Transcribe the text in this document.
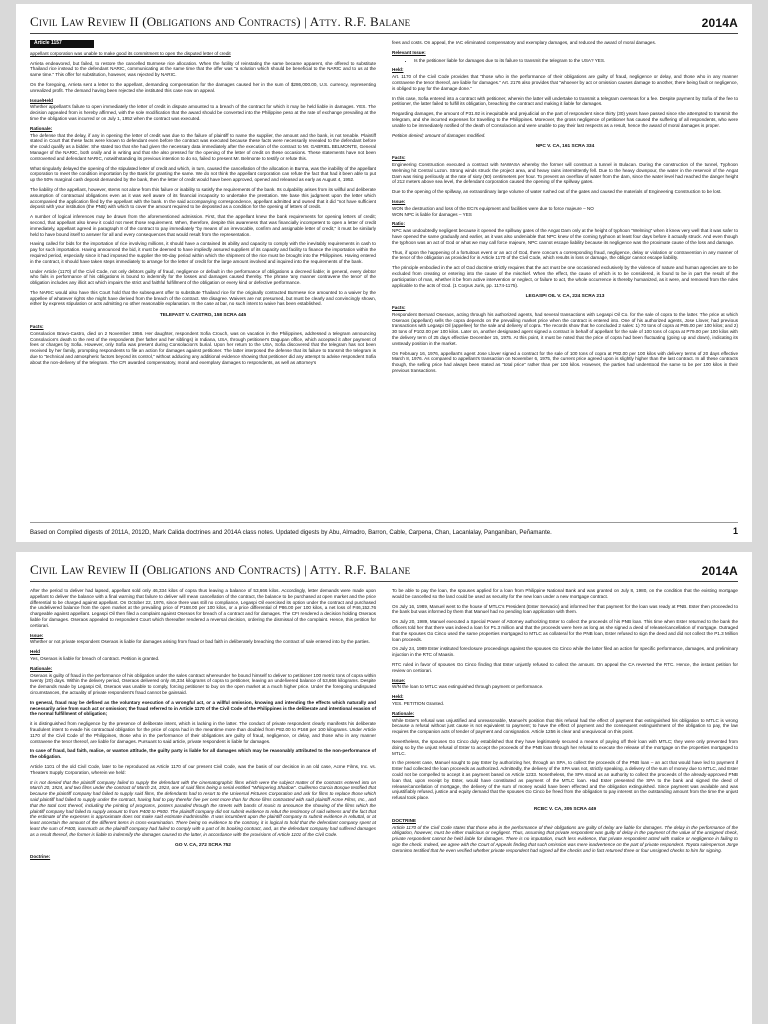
Civil Law Review II (Obligations and Contracts) | Atty. R.F. Balane	2014A
Article 1157

appellant corporation was unable to make good its commitment to open the disputed letter of credit

Arrieta endeavored, but failed, to restore the cancelled Burmese rice allocation. When the futility of reinstating the same became apparent, she offered to substitute Thailand rice instead to the defendant NARIC, communicating at the same time that the offer was "a solution which should be beneficial to the NARIC and to us at the same time." This offer for substitution, however, was rejected by NARIC.

On the foregoing, Arrieta sent a letter to the appellant, demanding compensation for the damages caused her in the sum of $286,000.00, U.S. currency, representing unrealized profit. The demand having been rejected she instituted this case now on appeal.

Issue/Held

Whether appellant's failure to open immediately the letter of credit in dispute amounted to a breach of the contract for which it may be held liable in damages. YES. The decision appealed from is hereby affirmed, with the sole modification that the award should be converted into the Philippine peso at the rate of exchange prevailing at the time the obligation was incurred or on July 1, 1952 when the contract was executed.

Rationale:

The defense that the delay, if any in opening the letter of credit was due to the failure of plaintiff to name the supplier, the amount and the bank, is not tenable. Plaintiff stated in Court that these facts were known to defendant even before the contract was executed because these facts were necessarily revealed to the defendant before she could qualify as a bidder. She stated too that she had given the necessary data immediately after the execution of the contract to Mr. GABRIEL BELMONTE, General Manager of the NARIC, both orally and in writing and that she also pressed for the opening of the letter of credit on these occasions. These statements have not been controverted and defendant NARIC, notwithstanding its previous intention to do so, failed to present Mr. Belmonte to testify or refute this.

What singularly delayed the opening of the stipulated letter of credit and which, in turn, caused the cancellation of the allocation in Burma, was the inability of the appellant corporation to meet the condition importation by the Bank for granting the same. We do not think the appellant corporation can refute the fact that had it been able to put up the 50% marginal cash deposit demanded by the bank, then the letter of credit would have been approved, opened and released as early as August 4, 1952.

The liability of the appellant, however, stems not alone from this failure or inability to satisfy the requirements of the bank. Its culpability arises from its willful and deliberate assumption of contractual obligations even as it was well aware of its financial incapacity to undertake the prestation. We base this judgment upon the letter which accompanied the application filed by the appellant with the bank. In the said accompanying correspondence, appellant admitted and owned that it did "not have sufficient deposit with your institution (the PNB) with which to cover the amount required to be deposited as a condition for the opening of letters of credit.

A number of logical inferences may be drawn from the aforementioned admission. First, that the appellant knew the bank requirements for opening letters of credit; second, that appellant also knew it could not meet those requirement. When, therefore, despite this awareness that was financially incompetent to open a letter of credit immediately, appellant agreed in paragraph 8 of the contract to pay immediately "by means of an irrevocable, confirm and assignable letter of credit," it must be similarly held to have bound itself to answer for all and every consequences that would result from the representation.

Having called for bids for the importation of rice involving millions, it should have a contained its ability and capacity to comply with the inevitably requirements in cash to pay for such importation. Having announced the bid, it must be deemed to have impliedly assured suppliers of its capacity and facility to finance the importation within the required period, especially since it had imposed the supplier the 90-day period within which the shipment of the rice must be brought into the Philippines. Having entered in the contract, it should have taken steps immediately to arrange for the letter of credit for the large amount involved and inquired into the requirements of the bank.

Under Article (1170) of the Civil Code, not only debtors guilty of fraud, negligence or default in the performance of obligations a decreed liable; in general, every debtor who fails in performance of his obligations is bound to indemnify for the losses and damages caused thereby. The phrase 'any manner contravene the tenor' of the obligation includes any illicit act which impairs the strict and faithful fulfillment of the obligation or every kind or defective performance.

The NARIC would also have this Court hold that the subsequent offer to substitute Thailand rice for the originally contracted Burmese rice amounted to a waiver by the appellee of whatever rights she might have derived from the breach of the contract. We disagree. Waivers are not presumed, but must be clearly and convincingly shown, either by express stipulation or acts admitting no other reasonable explanation. In the case at bar, no such intent to waive has been established.

TELEFAST V. CASTRO, 158 SCRA 445
Facts:

Consolacion Bravo-Castro, died on 2 November 1956. Her daughter, respondent Sofia Crouch, was on vacation in the Philippines, addressed a telegram announcing Consolacion's death to the rest of the respondents (her father and her siblings) in Indiana, USA, through petitioner's Dagupan office, which accepted it after payment of fees or charges by Sofia. However, only Sofia was present during Consolacion's burial. Upon her return to the USA, Sofia discovered that the telegram has not been received by her family, prompting respondents to file an action for damages against petitioner. The latter interposed the defense that its failure to transmit the telegram is due to "technical and atmospheric factors beyond its control," without adducing any additional evidence showing that petitioner did any attempt to advise respondent Sofia about the non-delivery of the telegram. The CFI awarded compensatory, moral and exemplary damages to respondents, as well as attorney's

fees and costs. On appeal, the IAC eliminated compensatory and exemplary damages, and reduced the award of moral damages.

Relevant Issue:
• Is the petitioner liable for damages due to its failure to transmit the telegram to the USA? YES.
Held:

Art. 1170 of the Civil Code provides that "those who in the performance of their obligations are guilty of fraud, negligence or delay, and those who in any manner contravene the tenor thereof, are liable for damages." Art. 2176 also provides that "whoever by act or omission causes damage to another, there being fault or negligence, is obliged to pay for the damage done."

In this case, Sofia entered into a contract with petitioner, wherein the latter will undertake to transmit a telegram overseas for a fee. Despite payment by Sofia of the fee to petitioner, the latter failed to fulfill its obligation, breaching the contract and making it liable for damages.

Regarding damages, the amount of P31.92 is inequitable and prejudicial on the part of respondent since thirty (30) years have passed since she attempted to transmit the telegram, and she incurred expenses for travelling to the Philippines. Moreover, the gross negligence of petitioner has caused the suffering of all respondents, who were unable to be immediately notified of the death of Consolacion and were unable to pay their last respects as a result, hence the award of moral damages is proper.

Petition denied; amount of damages modified.

NPC V. CA, 161 SCRA 334
Facts:

Engineering Construction executed a contract with NAWASA whereby the former will construct a tunnel in Bulacan. During the construction of the tunnel, Typhoon Welming hit Central Luzon. Strong winds struck the project area, and heavy rains intermittently fell. Due to the heavy downpour, the water in the reservoir of the Angat Dam was rising perilously at the rate of sixty (60) centimeters per hour. To prevent an overflow of water from the dam, since the water level had reached the danger height of 212 meters above sea level, the defendant corporation caused the opening of the spillway gates.

Due to the opening of the spillway, an extraordinary large volume of water rushed out of the gates and caused the materials of Engineering Construction to be lost.

Issue:

WON the destruction and loss of the ECI's equipment and facilities were due to force majeure – NO
WON NPC is liable for damages – YES

Ratio:

NPC was undoubtedly negligent because it opened the spillway gates of the Angat Dam only at the height of typhoon "Welming" when it knew very well that it was safer to have opened the same gradually and earlier, as it was also undeniable that NPC knew of the coming typhoon at least four days before it actually struck. And even though the typhoon was an act of God or what we may call force majeure, NPC cannot escape liability because its negligence was the proximate cause of the loss and damage.

Thus, if upon the happening of a fortuitous event or an act of God, there concurs a corresponding fraud, negligence, delay or violation or contravention in any manner of the tenor of the obligation as provided for in Article 1170 of the Civil Code, which results in loss or damage, the obligor cannot escape liability.

The principle embodied in the act of God doctrine strictly requires that the act must be one occasioned exclusively by the violence of nature and human agencies are to be excluded from creating or entering into the cause of the mischief. When the effect, the cause of which is to be considered, is found to be in part the result of the participation of man, whether it be from active intervention or neglect, or failure to act, the whole occurrence is thereby humanized, as it were, and removed from the rules applicable to the acts of God. (1 Corpus Juris, pp. 1174-1175).

LEGASPI OIL V. CA, 224 SCRA 213
Facts:

Respondent Bernard Oseraos, acting through his authorized agents, had several transactions with Legaspi Oil Co. for the sale of copra to the latter. The price at which Oseraos (appellant) sells the copra depends on the prevailing market price when the contract is entered into. One of his authorized agents, Jose Llover, had previous transactions with Legaspi Oil (appellee) for the sale and delivery of copra. The records show that he concluded 2 sales: 1) 70 tons of copra at P65.00 per 100 kilos; and 2) 30 tons of P102.00 per 100 kilos. Later on, another designated agent signed a contract in behalf of appellant for the sale of 100 tons of copra at P79.00 per 100 kilos with the delivery term of 25 days effective December 15, 1975. At this point, it must be noted that the price of copra had been fluctuating (going up and down), indicating its unsteady position in the market.

On February 16, 1976, appellant's agent Jose Llover signed a contract for the sale of 100 tons of copra at P82.00 per 100 kilos with delivery terms of 20 days effective March 8, 1976. As compared to appellant's transaction on November 6, 1975, the current price agreed upon is slightly higher than the last contract. In all these contracts though, the selling price had always been stated as "total price" rather than per 100 kilos. However, the parties had understood the same to be per 100 kilos in their previous transactions.

Based on Compiled digests of 2011A, 2012D, Mark Calida doctrines and 2014A class notes. Updated digests by Abu, Almadro, Barron, Cable, Carpena, Chan, Lacanlalay, Panganiban, Peñamante.	1
Civil Law Review II (Obligations and Contracts) | Atty. R.F. Balane	2014A

After the period to deliver had lapsed, appellant sold only 46,334 kilos of copra thus leaving a balance of 53,666 kilos. Accordingly, letter demands were made upon appellant to deliver the balance with a final warning that failure to deliver will mean cancellation of the contract, the balance to be purchased at open market and the price differential to be charged against appellant. On October 22, 1976, since there was still no compliance, Legaspi Oil exercised its option under the contract and purchased the undelivered balance from the open market at the prevailing price of P168.00 per 100 kilos, or a price differential of P86.00 per 100 kilos, a net loss of P46,152.76 chargeable against appellant. Legaspi Oil then filed a complaint against Oseraos for breach of a contract and for damages. The CFI rendered a decision holding Oseraos liable for damages. Oseraos appealed to respondent Court which thereafter rendered a reversal decision, ordering the dismissal of the complaint. Hence, this petition for certiorari.

Issue:

Whether or not private respondent Oseraos is liable for damages arising from fraud or bad faith in deliberately breaching the contract of sale entered into by the parties.

Held

Yes, Oseraos is liable for breach of contract. Petition is granted.

Rationale:

Oseraos is guilty of fraud in the performance of his obligation under the sales contract whereunder he bound himself to deliver to petitioner 100 metric tons of copra within twenty (20) days. Within the delivery period, Oseraos delivered only 46,334 kilograms of copra to petitioner, leaving an undelivered balance of 53,666 kilograms. Despite the demands made by Legaspi Oil, Oseraos was unable to comply, forcing petitioner to buy on the open market at a much higher price. Under the foregoing undisputed circumstances, the actuality of private respondent's fraud cannot be gainsaid.

In general, fraud may be defined as the voluntary execution of a wrongful act, or a willful omission, knowing and intending the effects which naturally and necessarily arise from such act or omission; the fraud referred to in Article 1170 of the Civil Code of the Philippines is the deliberate and intentional evasion of the normal fulfillment of obligation;

it is distinguished from negligence by the presence of deliberate intent, which is lacking in the latter. The conduct of private respondent clearly manifests his deliberate fraudulent intent to evade his contractual obligation for the price of copra had in the meantime more than doubled from P82.00 to P168 per 100 kilograms. Under Article 1170 of the Civil Code of the Philippines, those who in the performance of their obligations are guilty of fraud, negligence, or delay, and those who in any manner contravene the tenor thereof, are liable for damages. Pursuant to said article, private respondent is liable for damages.

In case of fraud, bad faith, malice, or wanton attitude, the guilty party is liable for all damages which may be reasonably attributed to the non-performance of the obligation.

Article 1101 of the old Civil Code, later to be reproduced as Article 1170 of our present Civil Code, was the basis of our decision in an old case, Acme Films, Inc. vs. Theaters Supply Corporation, wherein we held:

It is not denied that the plaintiff company failed to supply the defendant with the cinematographic films which were the subject matter of the contracts entered into on March 20, 1924, and two films under the contract of March 24, 1924, one of said films being a serial entitled "Whispering Shadow". Guillermo Garcia Bosque testified that because the plaintiff company had failed to supply said films, the defendants had to resort to the Universal Pictures Corporation and ask for films to replace those which said plaintiff had failed to supply under the contract, having had to pay therefor five per cent more than for those films contracted with said plaintiff Acme Films, Inc., and that the total cost thereof, including the printing of programs, posters paraded through the streets with bands of music to announce the showing of the films which the plaintiff company had failed to supply amount to from P400 to P500. The plaintiff company did not submit evidence to rebut the testimony of said witness and the fact that the estimate of the expenses is approximate does not make said estimate inadmissible. It was incumbent upon the plaintiff company to submit evidence in rebuttal, or at least ascertain the amount of the different items in cross-examination. There being no evidence to the contrary, it is logical to hold that the defendant company spent at least the sum of P400, inasmuch as the plaintiff company had failed to comply with a part of its booking contract, and, as the defendant company had suffered damages as a result thereof, the former is liable to indemnify the damages caused to the latter, in accordance with the provisions of Article 1101 of the Civil Code.

GO V. CA, 272 SCRA 752
Doctrine:

To be able to pay the loan, the spouses applied for a loan from Philippine National Bank and was granted on July 8, 1980, on the condition that the existing mortgage would be cancelled so the land could be used as security for the new loan under a new mortgage contract.

On July 16, 1989, Manuel went to the house of MTLC's President (Ester Servacio) and informed her that payment for the loan was ready at PNB. Ester then proceeded to the bank but was informed by them that Manuel had no pending loan application with them.

On July 20, 1989, Manuel executed a Special Power of Attorney authorizing Ester to collect the proceeds of his PNB loan. This time when Ester returned to the bank the officers told her that there was indeed a loan for P1.3 million and that the proceeds were here as long as she signed a deed of release/cancellation of mortgage. Outraged that the spouses Go Cinco used the same properties mortgaged to MTLC as collateral for the PNB loan, Ester refused to sign the deed and did not collect the P1.3 Million loan proceeds.

On July 24, 1989 Ester instituted foreclosure proceedings against the spouses Go Cinco while the latter filed an action for specific performance, damages, and preliminary injuction in the RTC of Maasin.

RTC ruled in favor of spouses Go Cinco finding that Ester unjustly refused to collect the amount. On appeal the CA reversed the RTC. Hence, the instant petition for review on certiorari.

Issue:

W/N the loan to MTLC was extinguished through payment or performance.

Held:

YES. PETITION Granted.

Rationale:

While Ester's refusal was unjustified and unreasonable, Manuel's position that this refusal had the effect of payment that extinguished his obligation to MTLC is wrong because a refusal without just cause is not equivalent to payment; to have the effect of payment and the consequent extinguishment of the obligation to pay, the law requires the companion acts of tender of payment and consignation. Article 1256 is clear and unequivocal on this point.

Nevertheless, the spouses Go Cinco duly established that they have legitimately secured a means of paying off their loan with MTLC; they were only prevented from doing so by the unjust refusal of Ester to accept the proceeds of the PNB loan through her refusal to execute the release of the mortgage on the properties mortgaged to MTLC.

In the present case, Manuel sought to pay Ester by authorizing her, through an SPA, to collect the proceeds of the PNB loan – an act that would have led to payment if Ester had collected the loan proceeds as authorized. Admittedly, the delivery of the SPA was not, strictly speaking, a delivery of the sum of money due to MTLC, and Ester could not be compelled to accept it as payment based on Article 1233. Nonetheless, the SPA stood as an authority to collect the proceeds of the already-approved PNB loan that, upon receipt by Ester, would have constituted as payment of the MTLC loan. Had Ester presented the SPA to the bank and signed the deed of release/cancellation of mortgage, the delivery of the sum of money would have been effected and the obligation extinguished. Since payment was available and was unjustifiably refused, justice and equity demand that the spouses Go Cinco be freed from the obligation to pay interest on the outstanding amount from the time the unjust refusal took place.

RCBC V. CA, 305 SCRA 449
DOCTRINE

Article 1170 of the Civil Code states that those who in the performance of their obligations are guilty of delay are liable for damages. The delay in the performance of the obligation, however, must be either malicious or negligent. Thus, assuming that private respondent was guilty of delay in the payment of the value of the unsigned check, private respondent cannot be held liable for damages. There is no imputation, much less evidence, that private respondent acted with malice or negligence in failing to sign the check. Indeed, we agree with the Court of Appeals finding that such omission was mere inadvertence on the part of private respondent. Toyota salesperson Jorge Geronimo testified that he even verified whether private respondent had signed all the checks and in fact returned three or four unsigned checks to him for signing.
